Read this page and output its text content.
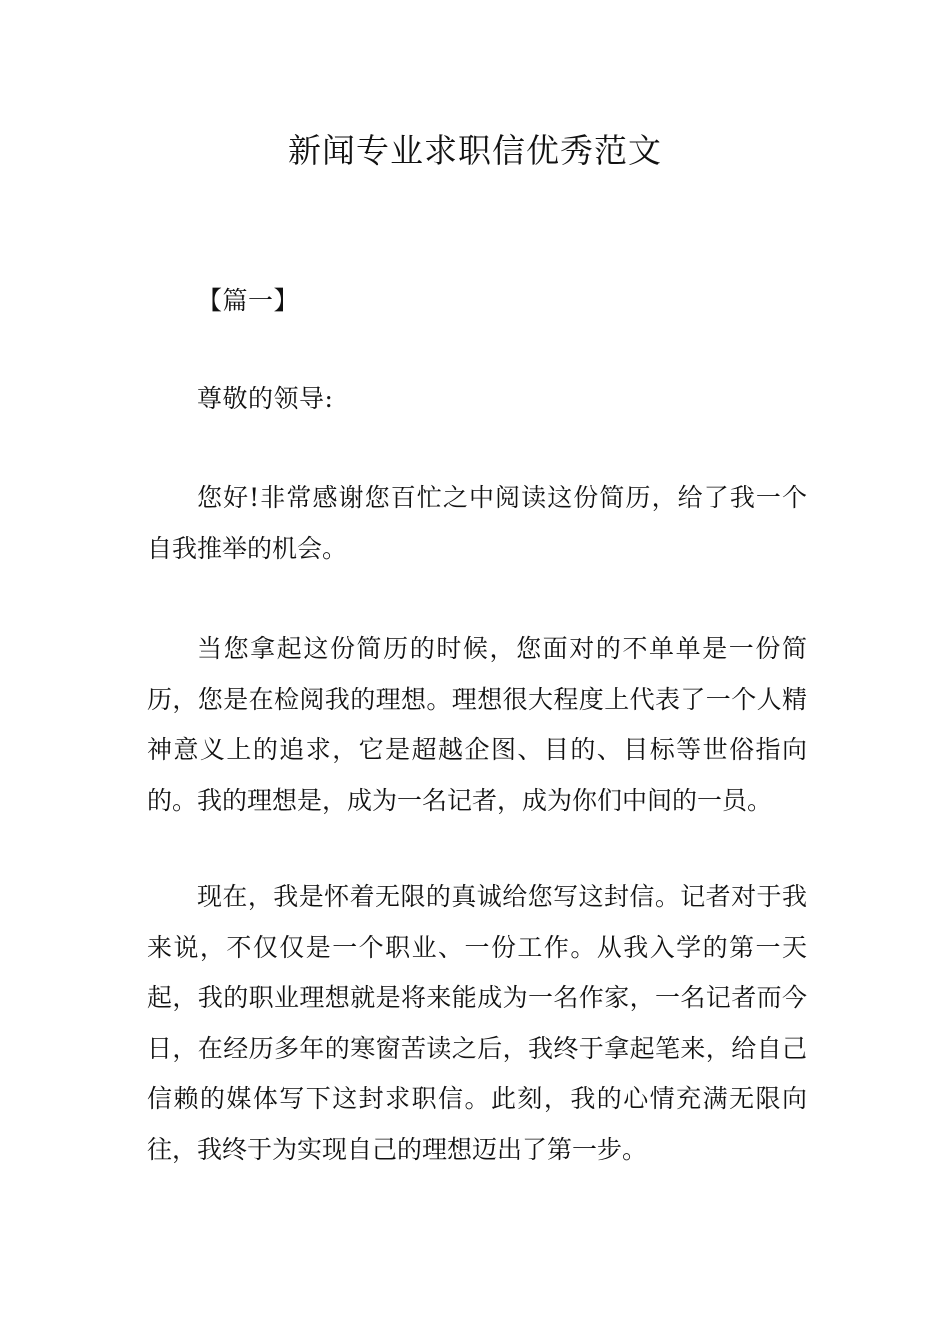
新闻专业求职信优秀范文
【篇一】
尊敬的领导:

您好!非常感谢您百忙之中阅读这份简历，给了我一个自我推举的机会。

当您拿起这份简历的时候，您面对的不单单是一份简历，您是在检阅我的理想。理想很大程度上代表了一个人精神意义上的追求，它是超越企图、目的、目标等世俗指向的。我的理想是，成为一名记者，成为你们中间的一员。

现在，我是怀着无限的真诚给您写这封信。记者对于我来说，不仅仅是一个职业、一份工作。从我入学的第一天起，我的职业理想就是将来能成为一名作家，一名记者而今日，在经历多年的寒窗苦读之后，我终于拿起笔来，给自己信赖的媒体写下这封求职信。此刻，我的心情充满无限向往，我终于为实现自己的理想迈出了第一步。
